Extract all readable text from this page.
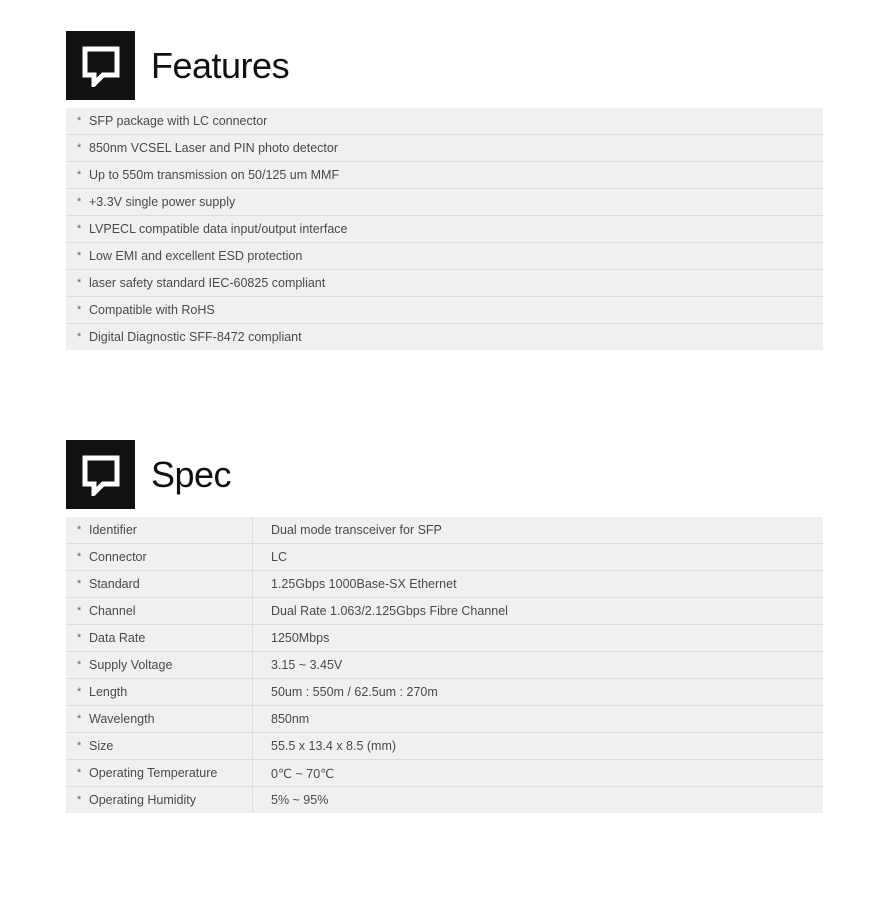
Features
* SFP package with LC connector
* 850nm VCSEL Laser and PIN photo detector
* Up to 550m transmission on 50/125 um MMF
* +3.3V single power supply
* LVPECL compatible data input/output interface
* Low EMI and excellent ESD protection
* laser safety standard IEC-60825 compliant
* Compatible with RoHS
* Digital Diagnostic SFF-8472 compliant
Spec
* Identifier	Dual mode transceiver for SFP
* Connector	LC
* Standard	1.25Gbps 1000Base-SX Ethernet
* Channel	Dual Rate 1.063/2.125Gbps Fibre Channel
* Data Rate	1250Mbps
* Supply Voltage	3.15 ~ 3.45V
* Length	50um : 550m / 62.5um : 270m
* Wavelength	850nm
* Size	55.5 x 13.4 x 8.5 (mm)
* Operating Temperature	0℃ ~ 70℃
* Operating Humidity	5% ~ 95%
